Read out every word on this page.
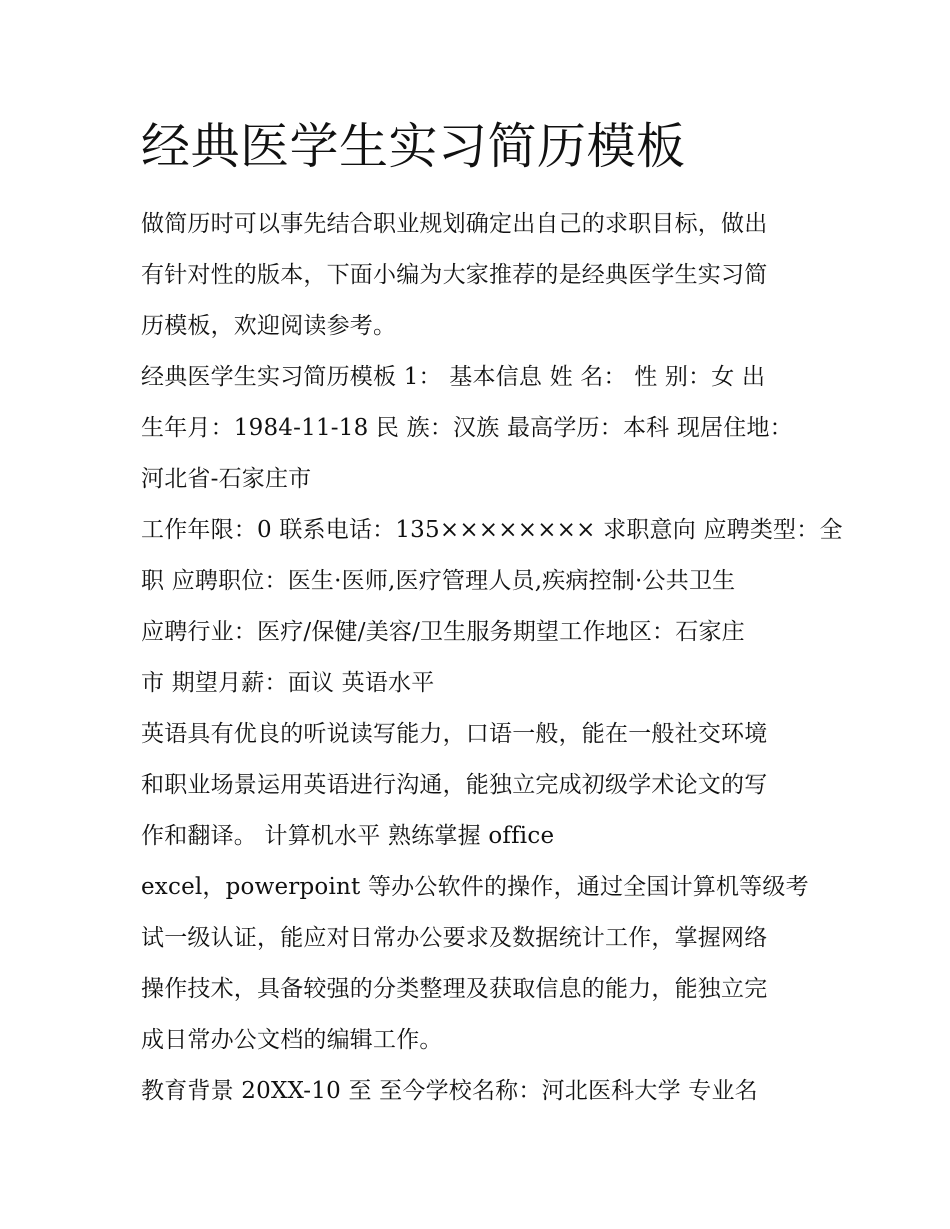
经典医学生实习简历模板

做简历时可以事先结合职业规划确定出自己的求职目标，做出
有针对性的版本，下面小编为大家推荐的是经典医学生实习简
历模板，欢迎阅读参考。

经典医学生实习简历模板 1： 基本信息 姓 名： 性 别：女 出
生年月：1984-11-18 民 族：汉族 最高学历：本科 现居住地：
河北省-石家庄市

工作年限：0 联系电话：135×××××××× 求职意向 应聘类型：全
职 应聘职位：医生·医师,医疗管理人员,疾病控制·公共卫生

应聘行业：医疗/保健/美容/卫生服务期望工作地区：石家庄
市 期望月薪：面议 英语水平

英语具有优良的听说读写能力，口语一般，能在一般社交环境
和职业场景运用英语进行沟通，能独立完成初级学术论文的写
作和翻译。 计算机水平 熟练掌握 office

excel，powerpoint 等办公软件的操作，通过全国计算机等级考
试一级认证，能应对日常办公要求及数据统计工作，掌握网络
操作技术，具备较强的分类整理及获取信息的能力，能独立完
成日常办公文档的编辑工作。

教育背景 20XX-10 至 至今学校名称：河北医科大学 专业名
